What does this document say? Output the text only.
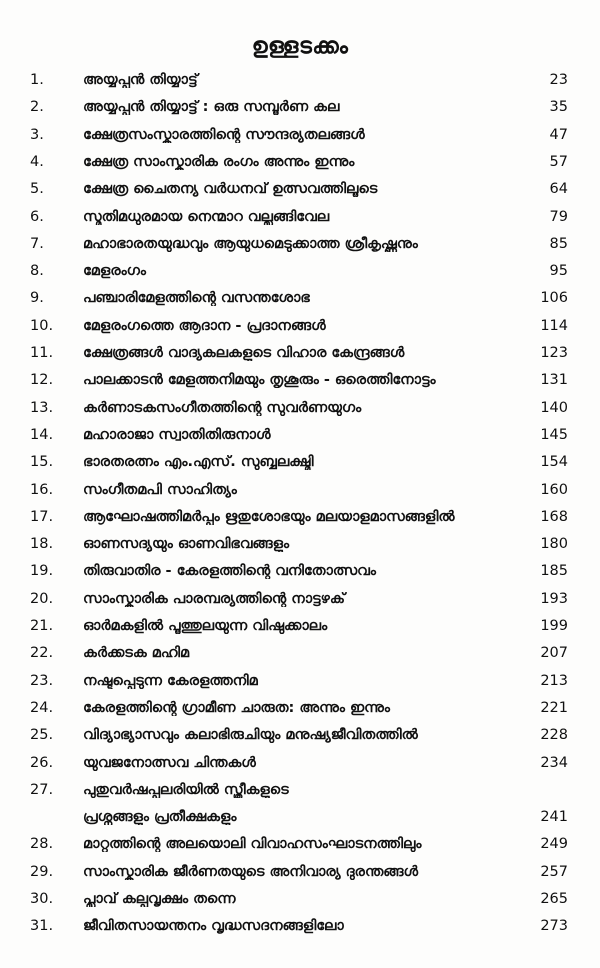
ഉള്ളടക്കം
1.	അയ്യപ്പൻ തിയ്യാട്ട്	23
2.	അയ്യപ്പൻ തിയ്യാട്ട് : ഒരു സമ്പൂർണ കല	35
3.	ക്ഷേത്രസംസ്കാരത്തിന്റെ സൗന്ദര്യതലങ്ങൾ	47
4.	ക്ഷേത്ര സാംസ്കാരിക രംഗം അന്നും ഇന്നും	57
5.	ക്ഷേത്ര ചൈതന്യ വർധനവ് ഉത്സവത്തിലൂടെ	64
6.	സ്മൃതിമധുരമായ നെന്മാറ വല്ലങ്ങിവേല	79
7.	മഹാഭാരതയുദ്ധവും ആയുധമെടുക്കാത്ത ശ്രീകൃഷ്ണനും	85
8.	മേളരംഗം	95
9.	പഞ്ചാരിമേളത്തിന്റെ വസന്തശോഭ	106
10. മേളരംഗത്തെ ആദാന - പ്രദാനങ്ങൾ	114
11. ക്ഷേത്രങ്ങൾ വാദ്യകലകളുടെ വിഹാര കേന്ദ്രങ്ങൾ	123
12. പാലക്കാടൻ മേളത്തനിമയും തൃശൂരും - ഒരെത്തിനോട്ടം	131
13. കർണാടകസംഗീതത്തിന്റെ സുവർണയുഗം	140
14. മഹാരാജാ സ്വാതിതിരുനാൾ	145
15. ഭാരതരത്നം എം.എസ്. സുബ്ബലക്ഷ്മി	154
16. സംഗീതമപി സാഹിത്യം	160
17. ആഘോഷത്തിമർപ്പും ഋതുശോഭയും മലയാളമാസങ്ങളിൽ	168
18. ഓണസദ്യയും ഓണവിഭവങ്ങളും	180
19. തിരുവാതിര - കേരളത്തിന്റെ വനിതോത്സവം	185
20. സാംസ്കാരിക പാരമ്പര്യത്തിന്റെ നാട്ടഴക്	193
21. ഓർമകളിൽ പൂത്തുലയുന്ന വിഷുക്കാലം	199
22. കർക്കടക മഹിമ	207
23. നഷ്ടപ്പെടുന്ന കേരളത്തനിമ	213
24. കേരളത്തിന്റെ ഗ്രാമീണ ചാരുത: അന്നും ഇന്നും	221
25. വിദ്യാഭ്യാസവും കലാഭിരുചിയും മനുഷ്യജീവിതത്തിൽ	228
26. യുവജനോത്സവ ചിന്തകൾ	234
27. പുതുവർഷപ്പുലരിയിൽ സ്ത്രീകളുടെ
പ്രശ്നങ്ങളും പ്രതീക്ഷകളും	241
28. മാറ്റത്തിന്റെ അലയൊലി വിവാഹസംഘാടനത്തിലും	249
29. സാംസ്കാരിക ജീർണതയുടെ അനിവാര്യ ദുരന്തങ്ങൾ	257
30. പ്ലാവ് കല്പവൃക്ഷം തന്നെ	265
31. ജീവിതസായന്തനം വൃദ്ധസദനങ്ങളിലോ	273
